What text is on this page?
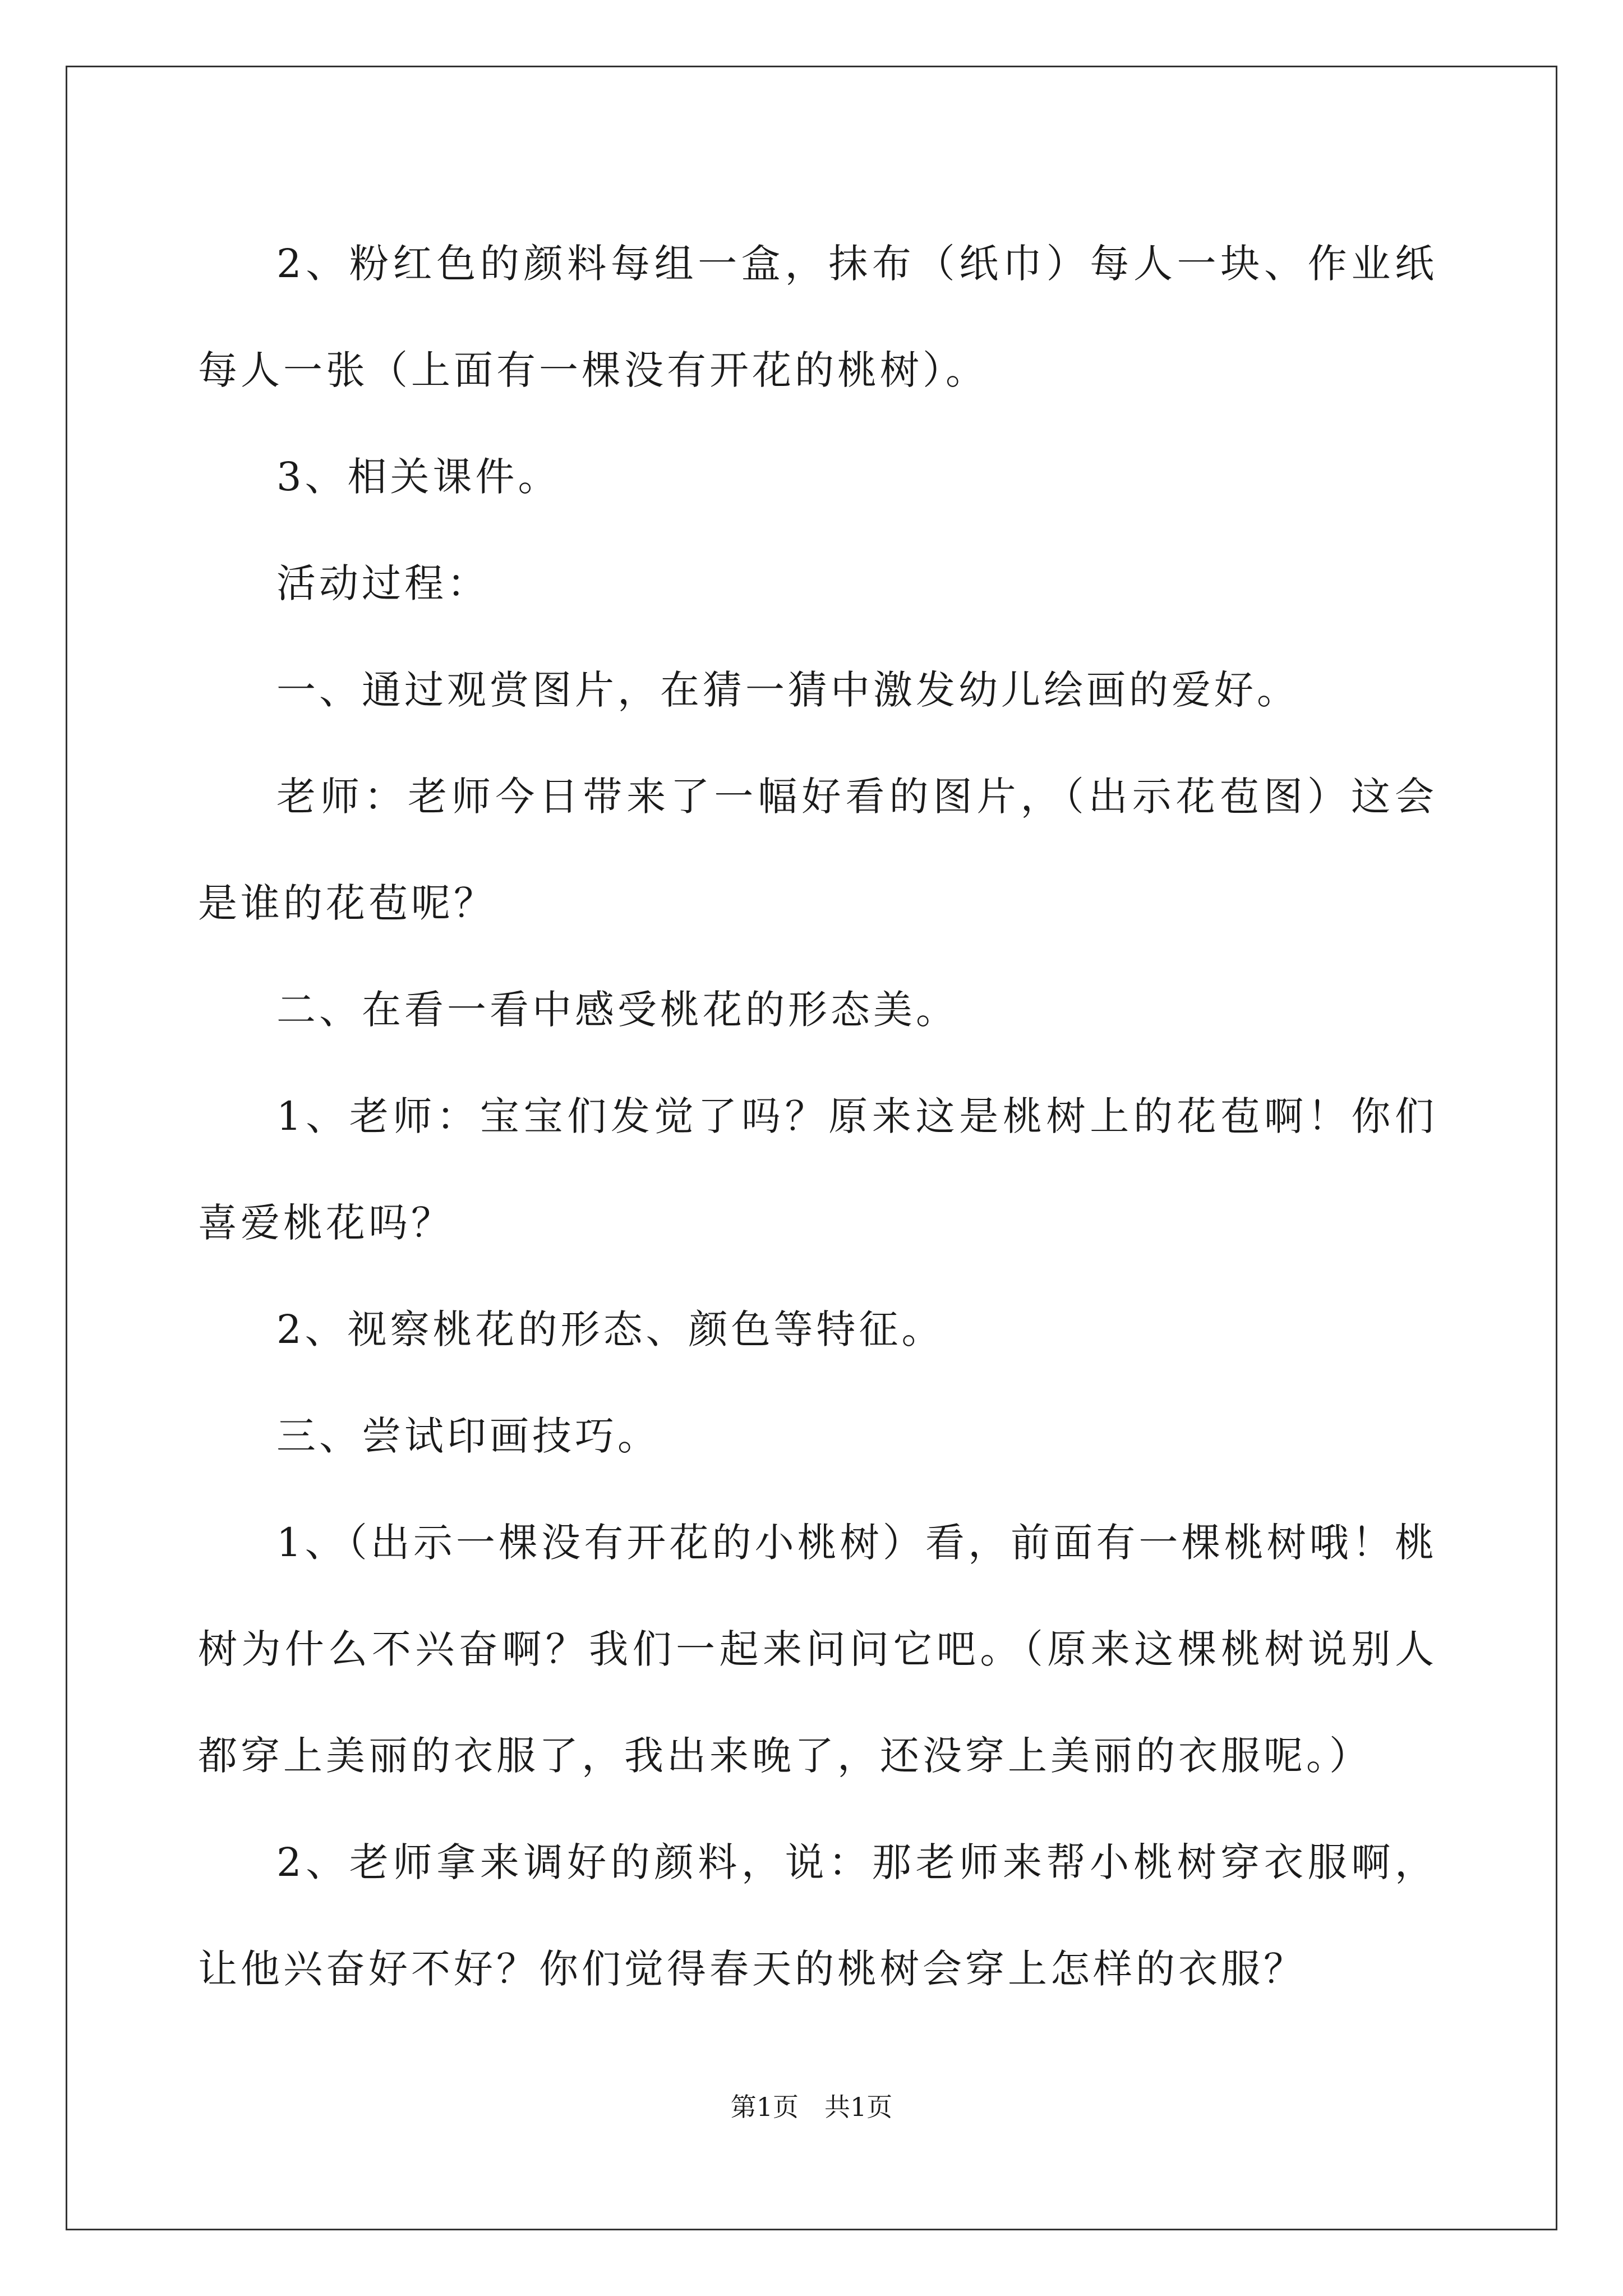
2、粉红色的颜料每组一盒，抹布（纸巾）每人一块、作业纸每人一张（上面有一棵没有开花的桃树）。

3、相关课件。

活动过程：

一、通过观赏图片，在猜一猜中激发幼儿绘画的爱好。

老师：老师今日带来了一幅好看的图片，（出示花苞图）这会是谁的花苞呢？

二、在看一看中感受桃花的形态美。

1、老师：宝宝们发觉了吗？原来这是桃树上的花苞啊！你们喜爱桃花吗？

2、视察桃花的形态、颜色等特征。

三、尝试印画技巧。

1、（出示一棵没有开花的小桃树）看，前面有一棵桃树哦！桃树为什么不兴奋啊？我们一起来问问它吧。（原来这棵桃树说别人都穿上美丽的衣服了，我出来晚了，还没穿上美丽的衣服呢。）

2、老师拿来调好的颜料，说：那老师来帮小桃树穿衣服啊，让他兴奋好不好？你们觉得春天的桃树会穿上怎样的衣服？

第1页　共1页
